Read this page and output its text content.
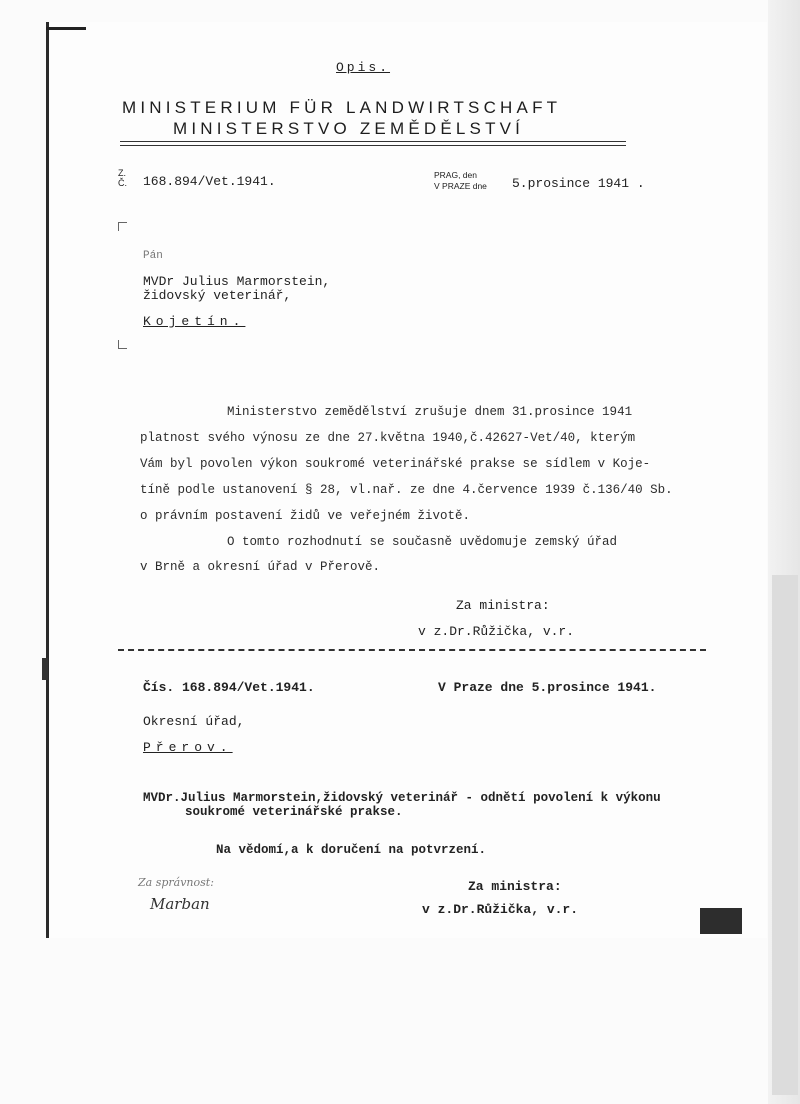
Opis.
MINISTERIUM FÜR LANDWIRTSCHAFT
MINISTERSTVO ZEMĚDĚLSTVÍ
Z.
Č. 168.894/Vet.1941.	PRAG, den
V PRAZE dne 5.prosince 1941 .
Pán
MVDr Julius Marmorstein,
židovský veterinář,
Kojetín.
Ministerstvo zemědělství zrušuje dnem 31.prosince 1941
platnost svého výnosu ze dne 27.května 1940,č.42627-Vet/40, kterým
Vám byl povolen výkon soukromé veterinářské prakse se sídlem v Koje-
tíně podle ustanovení § 28, vl.nař. ze dne 4.července 1939 č.136/40 Sb.
o právním postavení židů ve veřejném životě.
O tomto rozhodnutí se současně uvědomuje zemský úřad
v Brně a okresní úřad v Přerově.
Za ministra:
v z.Dr.Růžička, v.r.
Čís. 168.894/Vet.1941.	V Praze dne 5.prosince 1941.
Okresní úřad,
Přerov.
MVDr.Julius Marmorstein,židovský veterinář - odnětí povolení k výkonu
soukromé veterinářské prakse.
Na vědomí,a k doručení na potvrzení.
Za ministra:
v z.Dr.Růžička, v.r.
Za správnost:
Marban
